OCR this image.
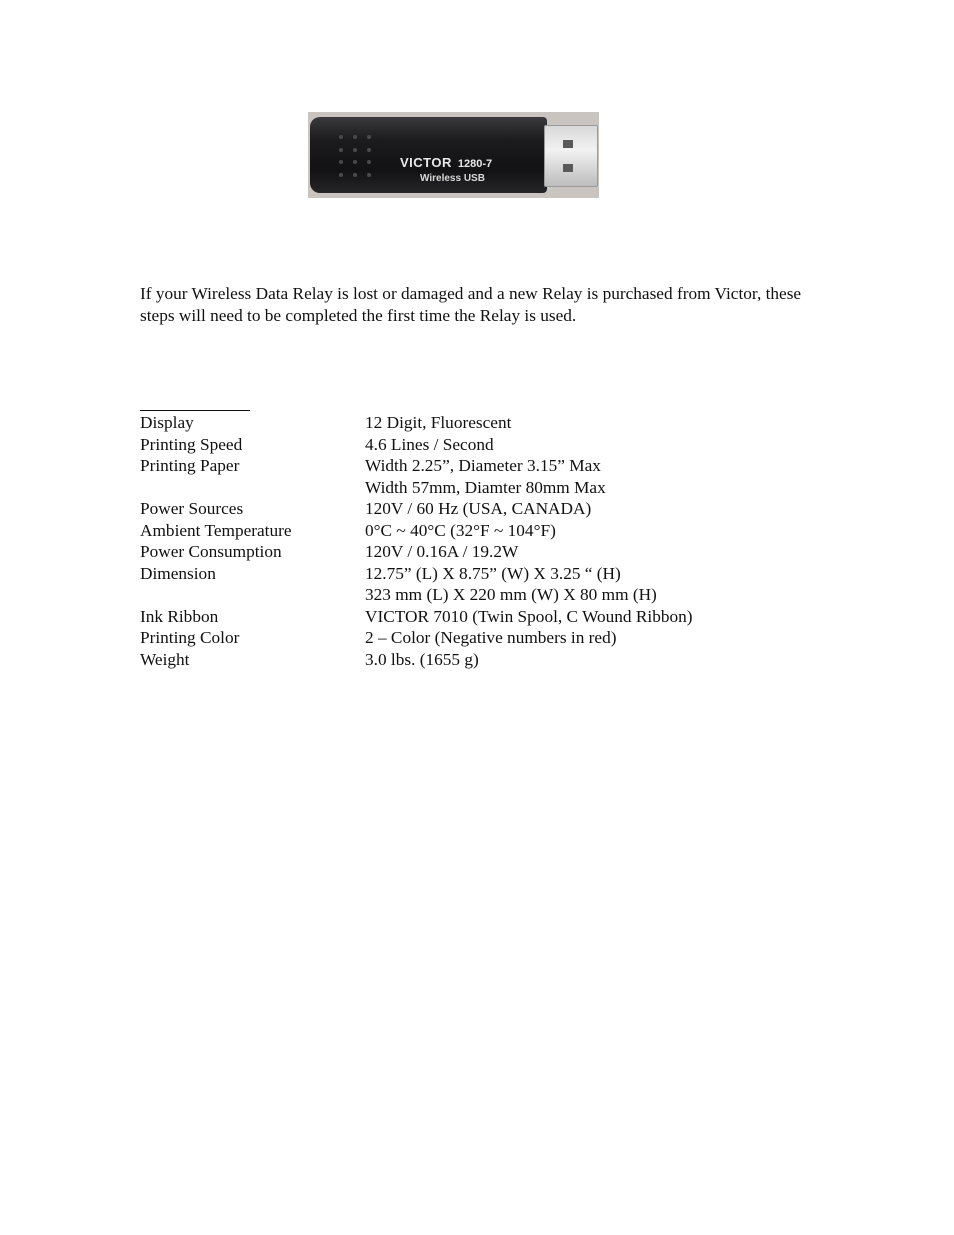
VICTOR 1280-7
Wireless USB

If your Wireless Data Relay is lost or damaged and a new Relay is purchased from Victor, these steps will need to be completed the first time the Relay is used.

Display	12 Digit, Fluorescent
Printing Speed	4.6 Lines / Second
Printing Paper	Width 2.25”, Diameter 3.15” Max
Width 57mm, Diamter 80mm Max
Power Sources	120V / 60 Hz (USA, CANADA)
Ambient Temperature	0°C ~ 40°C (32°F ~ 104°F)
Power Consumption	120V / 0.16A / 19.2W
Dimension	12.75” (L) X 8.75” (W) X 3.25 “ (H)
323 mm (L) X 220 mm (W) X 80 mm (H)
Ink Ribbon	VICTOR 7010 (Twin Spool, C Wound Ribbon)
Printing Color	2 – Color (Negative numbers in red)
Weight	3.0 lbs. (1655 g)
